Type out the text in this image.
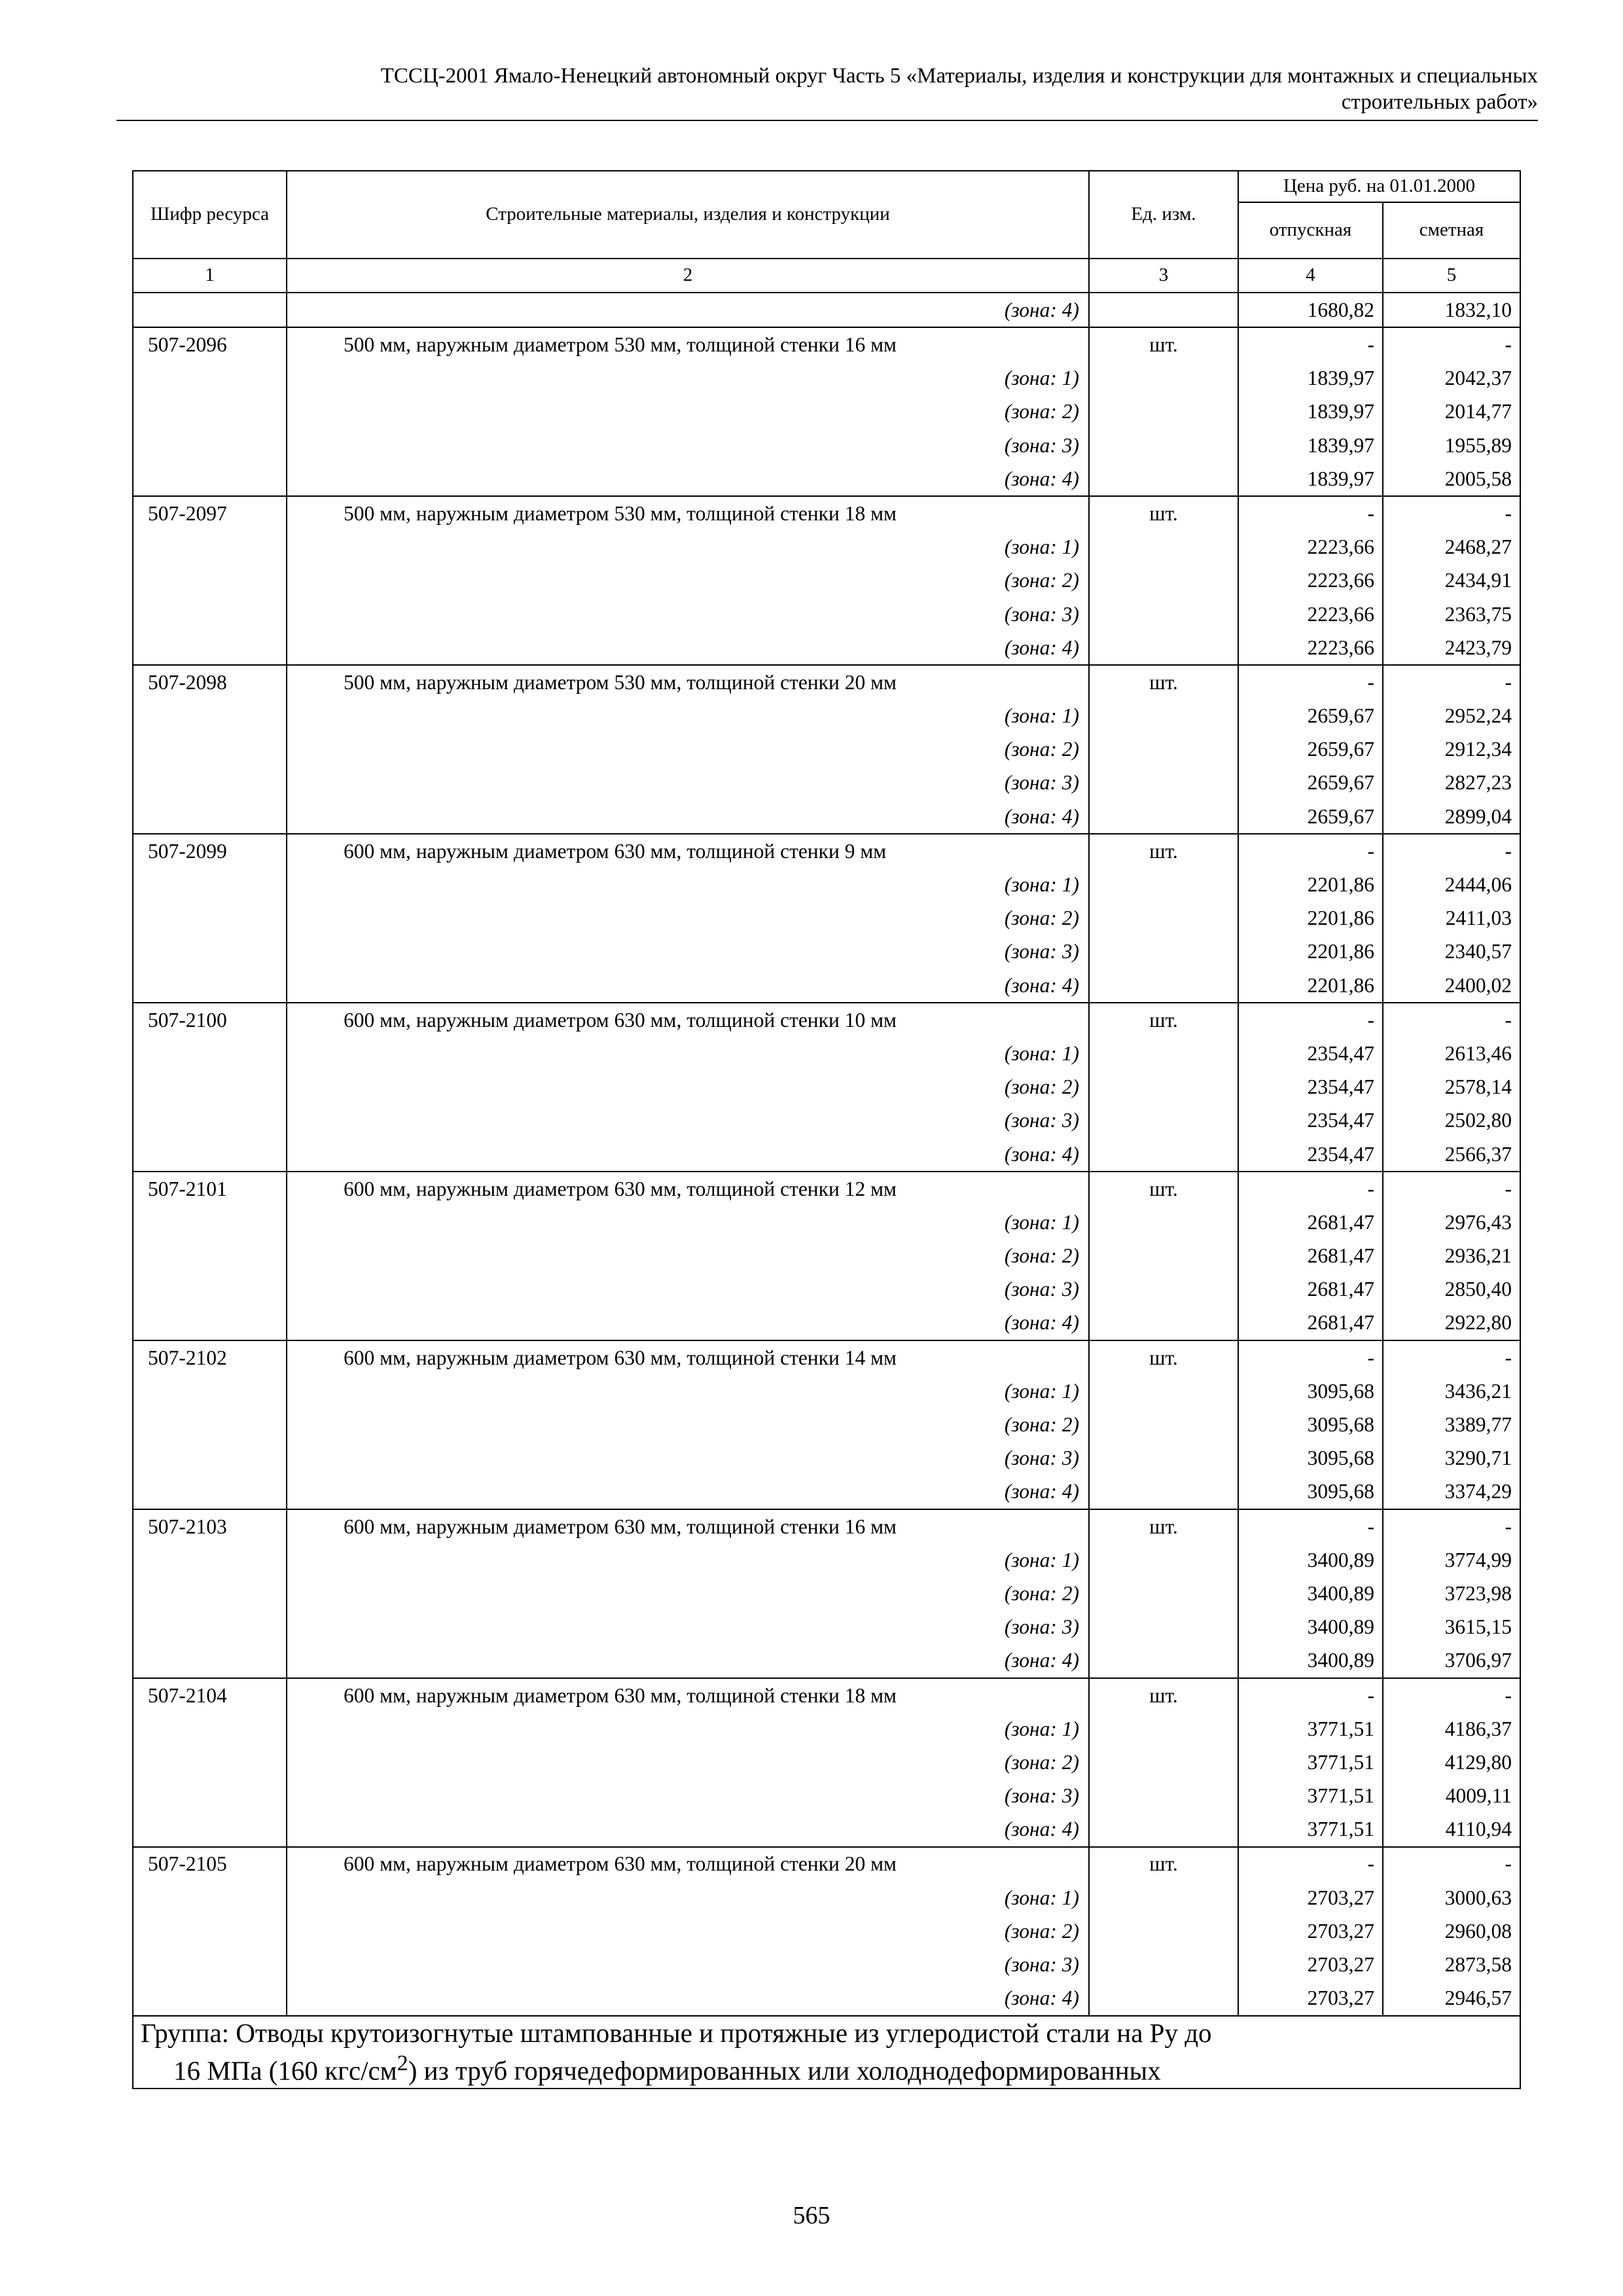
ТССЦ-2001 Ямало-Ненецкий автономный округ Часть 5 «Материалы, изделия и конструкции для монтажных и специальных
строительных работ»
Шифр ресурса	Строительные материалы, изделия и конструкции	Ед. изм.	Цена руб. на 01.01.2000	
			отпускная	сметная
1	2	3	4	5
	(зона: 4)		1680,82	1832,10
507-2096	500 мм, наружным диаметром 530 мм, толщиной стенки 16 мм	шт.	-	-
	(зона: 1)		1839,97	2042,37
	(зона: 2)		1839,97	2014,77
	(зона: 3)		1839,97	1955,89
	(зона: 4)		1839,97	2005,58
507-2097	500 мм, наружным диаметром 530 мм, толщиной стенки 18 мм	шт.	-	-
	(зона: 1)		2223,66	2468,27
	(зона: 2)		2223,66	2434,91
	(зона: 3)		2223,66	2363,75
	(зона: 4)		2223,66	2423,79
507-2098	500 мм, наружным диаметром 530 мм, толщиной стенки 20 мм	шт.	-	-
	(зона: 1)		2659,67	2952,24
	(зона: 2)		2659,67	2912,34
	(зона: 3)		2659,67	2827,23
	(зона: 4)		2659,67	2899,04
507-2099	600 мм, наружным диаметром 630 мм, толщиной стенки 9 мм	шт.	-	-
	(зона: 1)		2201,86	2444,06
	(зона: 2)		2201,86	2411,03
	(зона: 3)		2201,86	2340,57
	(зона: 4)		2201,86	2400,02
507-2100	600 мм, наружным диаметром 630 мм, толщиной стенки 10 мм	шт.	-	-
	(зона: 1)		2354,47	2613,46
	(зона: 2)		2354,47	2578,14
	(зона: 3)		2354,47	2502,80
	(зона: 4)		2354,47	2566,37
507-2101	600 мм, наружным диаметром 630 мм, толщиной стенки 12 мм	шт.	-	-
	(зона: 1)		2681,47	2976,43
	(зона: 2)		2681,47	2936,21
	(зона: 3)		2681,47	2850,40
	(зона: 4)		2681,47	2922,80
507-2102	600 мм, наружным диаметром 630 мм, толщиной стенки 14 мм	шт.	-	-
	(зона: 1)		3095,68	3436,21
	(зона: 2)		3095,68	3389,77
	(зона: 3)		3095,68	3290,71
	(зона: 4)		3095,68	3374,29
507-2103	600 мм, наружным диаметром 630 мм, толщиной стенки 16 мм	шт.	-	-
	(зона: 1)		3400,89	3774,99
	(зона: 2)		3400,89	3723,98
	(зона: 3)		3400,89	3615,15
	(зона: 4)		3400,89	3706,97
507-2104	600 мм, наружным диаметром 630 мм, толщиной стенки 18 мм	шт.	-	-
	(зона: 1)		3771,51	4186,37
	(зона: 2)		3771,51	4129,80
	(зона: 3)		3771,51	4009,11
	(зона: 4)		3771,51	4110,94
507-2105	600 мм, наружным диаметром 630 мм, толщиной стенки 20 мм	шт.	-	-
	(зона: 1)		2703,27	3000,63
	(зона: 2)		2703,27	2960,08
	(зона: 3)		2703,27	2873,58
	(зона: 4)		2703,27	2946,57
Группа: Отводы крутоизогнутые штампованные и протяжные из углеродистой стали на Ру до
16 МПа (160 кгс/$см^2$) из труб горячедеформированных или холоднодеформированных				
565
